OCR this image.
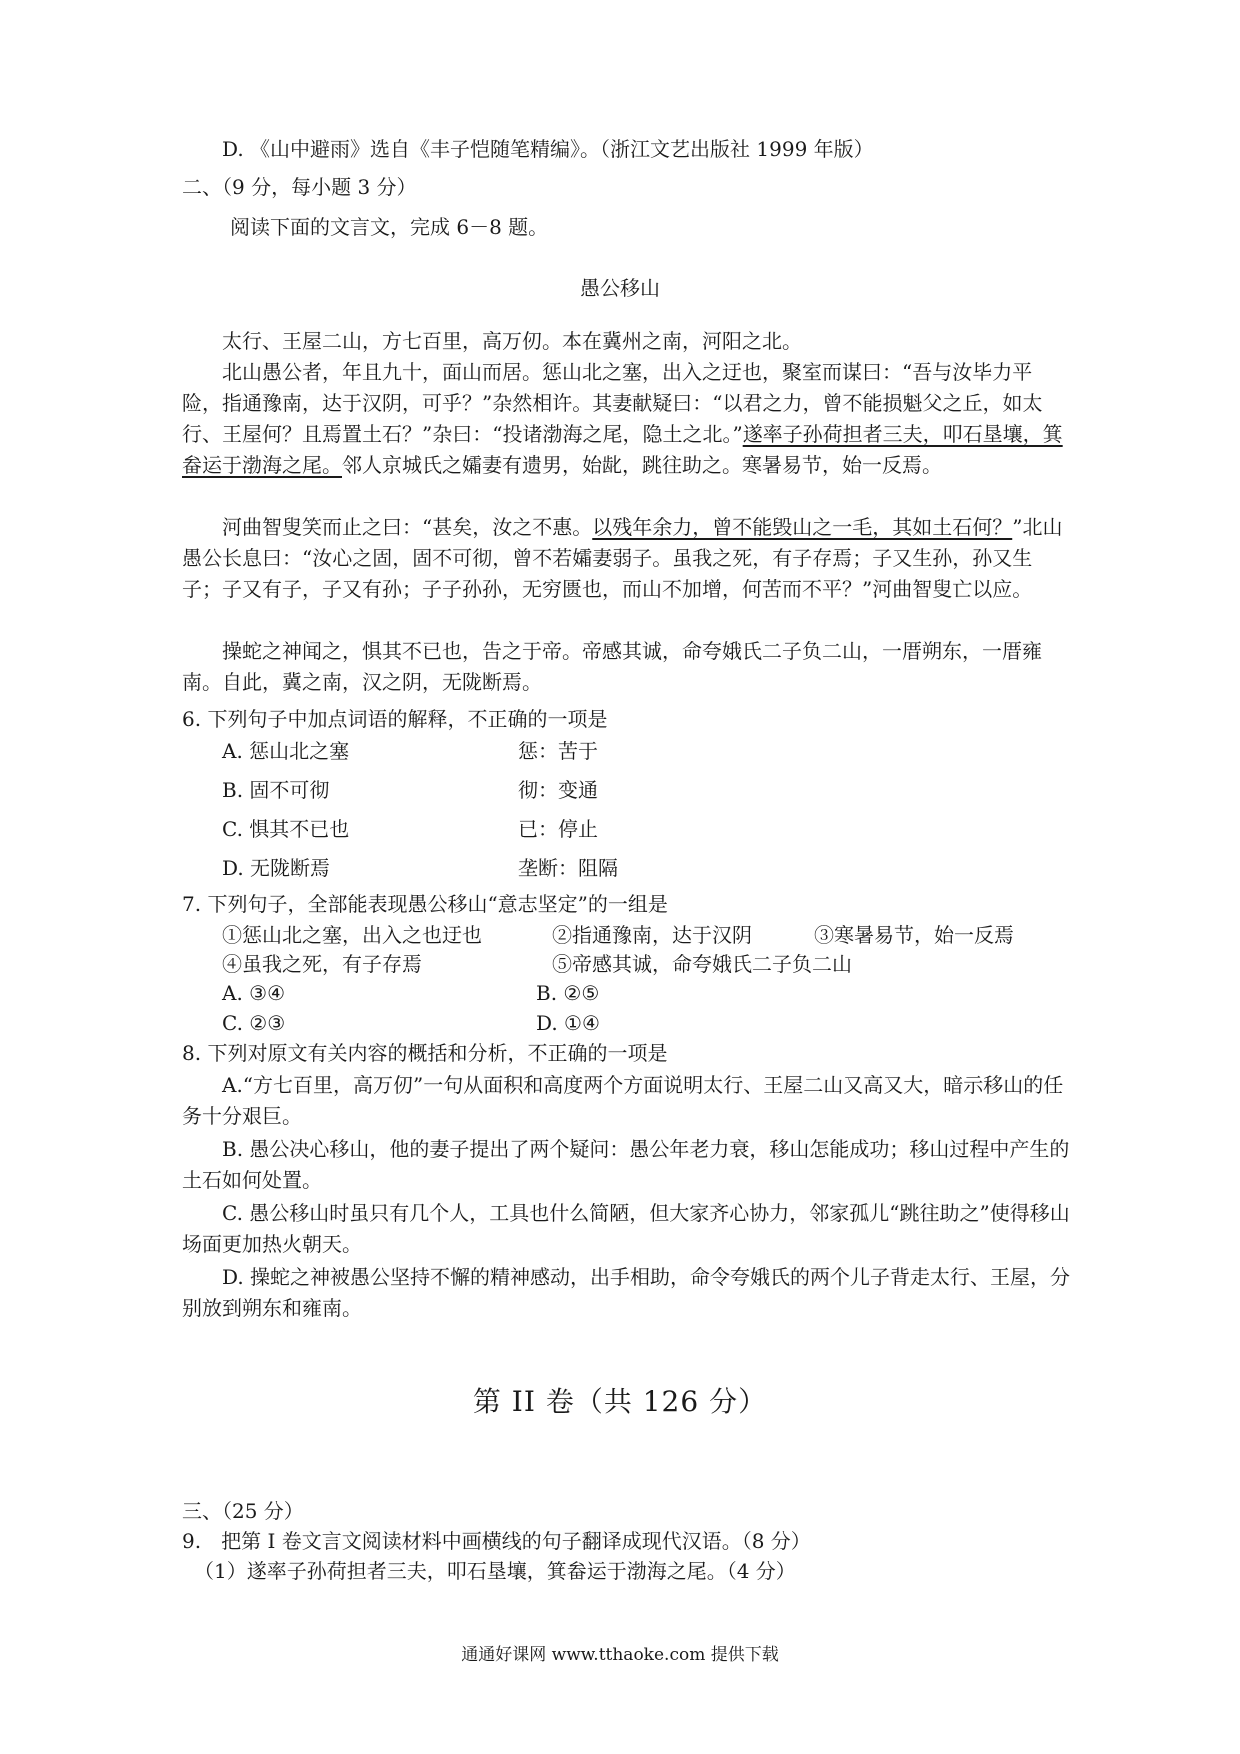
D. 《山中避雨》选自《丰子恺随笔精编》。（浙江文艺出版社 1999 年版）
二、（9 分，每小题 3 分）
阅读下面的文言文，完成 6－8 题。
愚公移山
太行、王屋二山，方七百里，高万仞。本在冀州之南，河阳之北。
北山愚公者，年且九十，面山而居。惩山北之塞，出入之迂也，聚室而谋曰：“吾与汝毕力平险，指通豫南，达于汉阴，可乎？”杂然相许。其妻献疑曰：“以君之力，曾不能损魁父之丘，如太行、王屋何？且焉置土石？”杂曰：“投诸渤海之尾，隐土之北。”遂率子孙荷担者三夫，叩石垦壤，箕畚运于渤海之尾。邻人京城氏之孀妻有遗男，始龀，跳往助之。寒暑易节，始一反焉。
河曲智叟笑而止之曰：“甚矣，汝之不惠。以残年余力，曾不能毁山之一毛，其如土石何？”北山愚公长息曰：“汝心之固，固不可彻，曾不若孀妻弱子。虽我之死，有子存焉；子又生孙，孙又生子；子又有子，子又有孙；子子孙孙，无穷匮也，而山不加增，何苦而不平？”河曲智叟亡以应。
操蛇之神闻之，惧其不已也，告之于帝。帝感其诚，命夸娥氏二子负二山，一厝朔东，一厝雍南。自此，冀之南，汉之阴，无陇断焉。
6. 下列句子中加点词语的解释，不正确的一项是
A. 惩山北之塞	惩：苦于
B. 固不可彻	彻：变通
C. 惧其不已也	已：停止
D. 无陇断焉	垄断：阻隔
7. 下列句子，全部能表现愚公移山“意志坚定”的一组是
①惩山北之塞，出入之也迂也	②指通豫南，达于汉阴	③寒暑易节，始一反焉
④虽我之死，有子存焉	⑤帝感其诚，命夸娥氏二子负二山
A. ③④	B. ②⑤
C. ②③	D. ①④
8. 下列对原文有关内容的概括和分析，不正确的一项是
A.“方七百里，高万仞”一句从面积和高度两个方面说明太行、王屋二山又高又大，暗示移山的任务十分艰巨。
B. 愚公决心移山，他的妻子提出了两个疑问：愚公年老力衰，移山怎能成功；移山过程中产生的土石如何处置。
C. 愚公移山时虽只有几个人，工具也什么简陋，但大家齐心协力，邻家孤儿“跳往助之”使得移山场面更加热火朝天。
D. 操蛇之神被愚公坚持不懈的精神感动，出手相助，命令夸娥氏的两个儿子背走太行、王屋，分别放到朔东和雍南。
第 II 卷（共 126 分）
三、（25 分）
9.　把第 I 卷文言文阅读材料中画横线的句子翻译成现代汉语。（8 分）
（1）遂率子孙荷担者三夫，叩石垦壤，箕畚运于渤海之尾。（4 分）
通通好课网 www.tthaoke.com 提供下载
